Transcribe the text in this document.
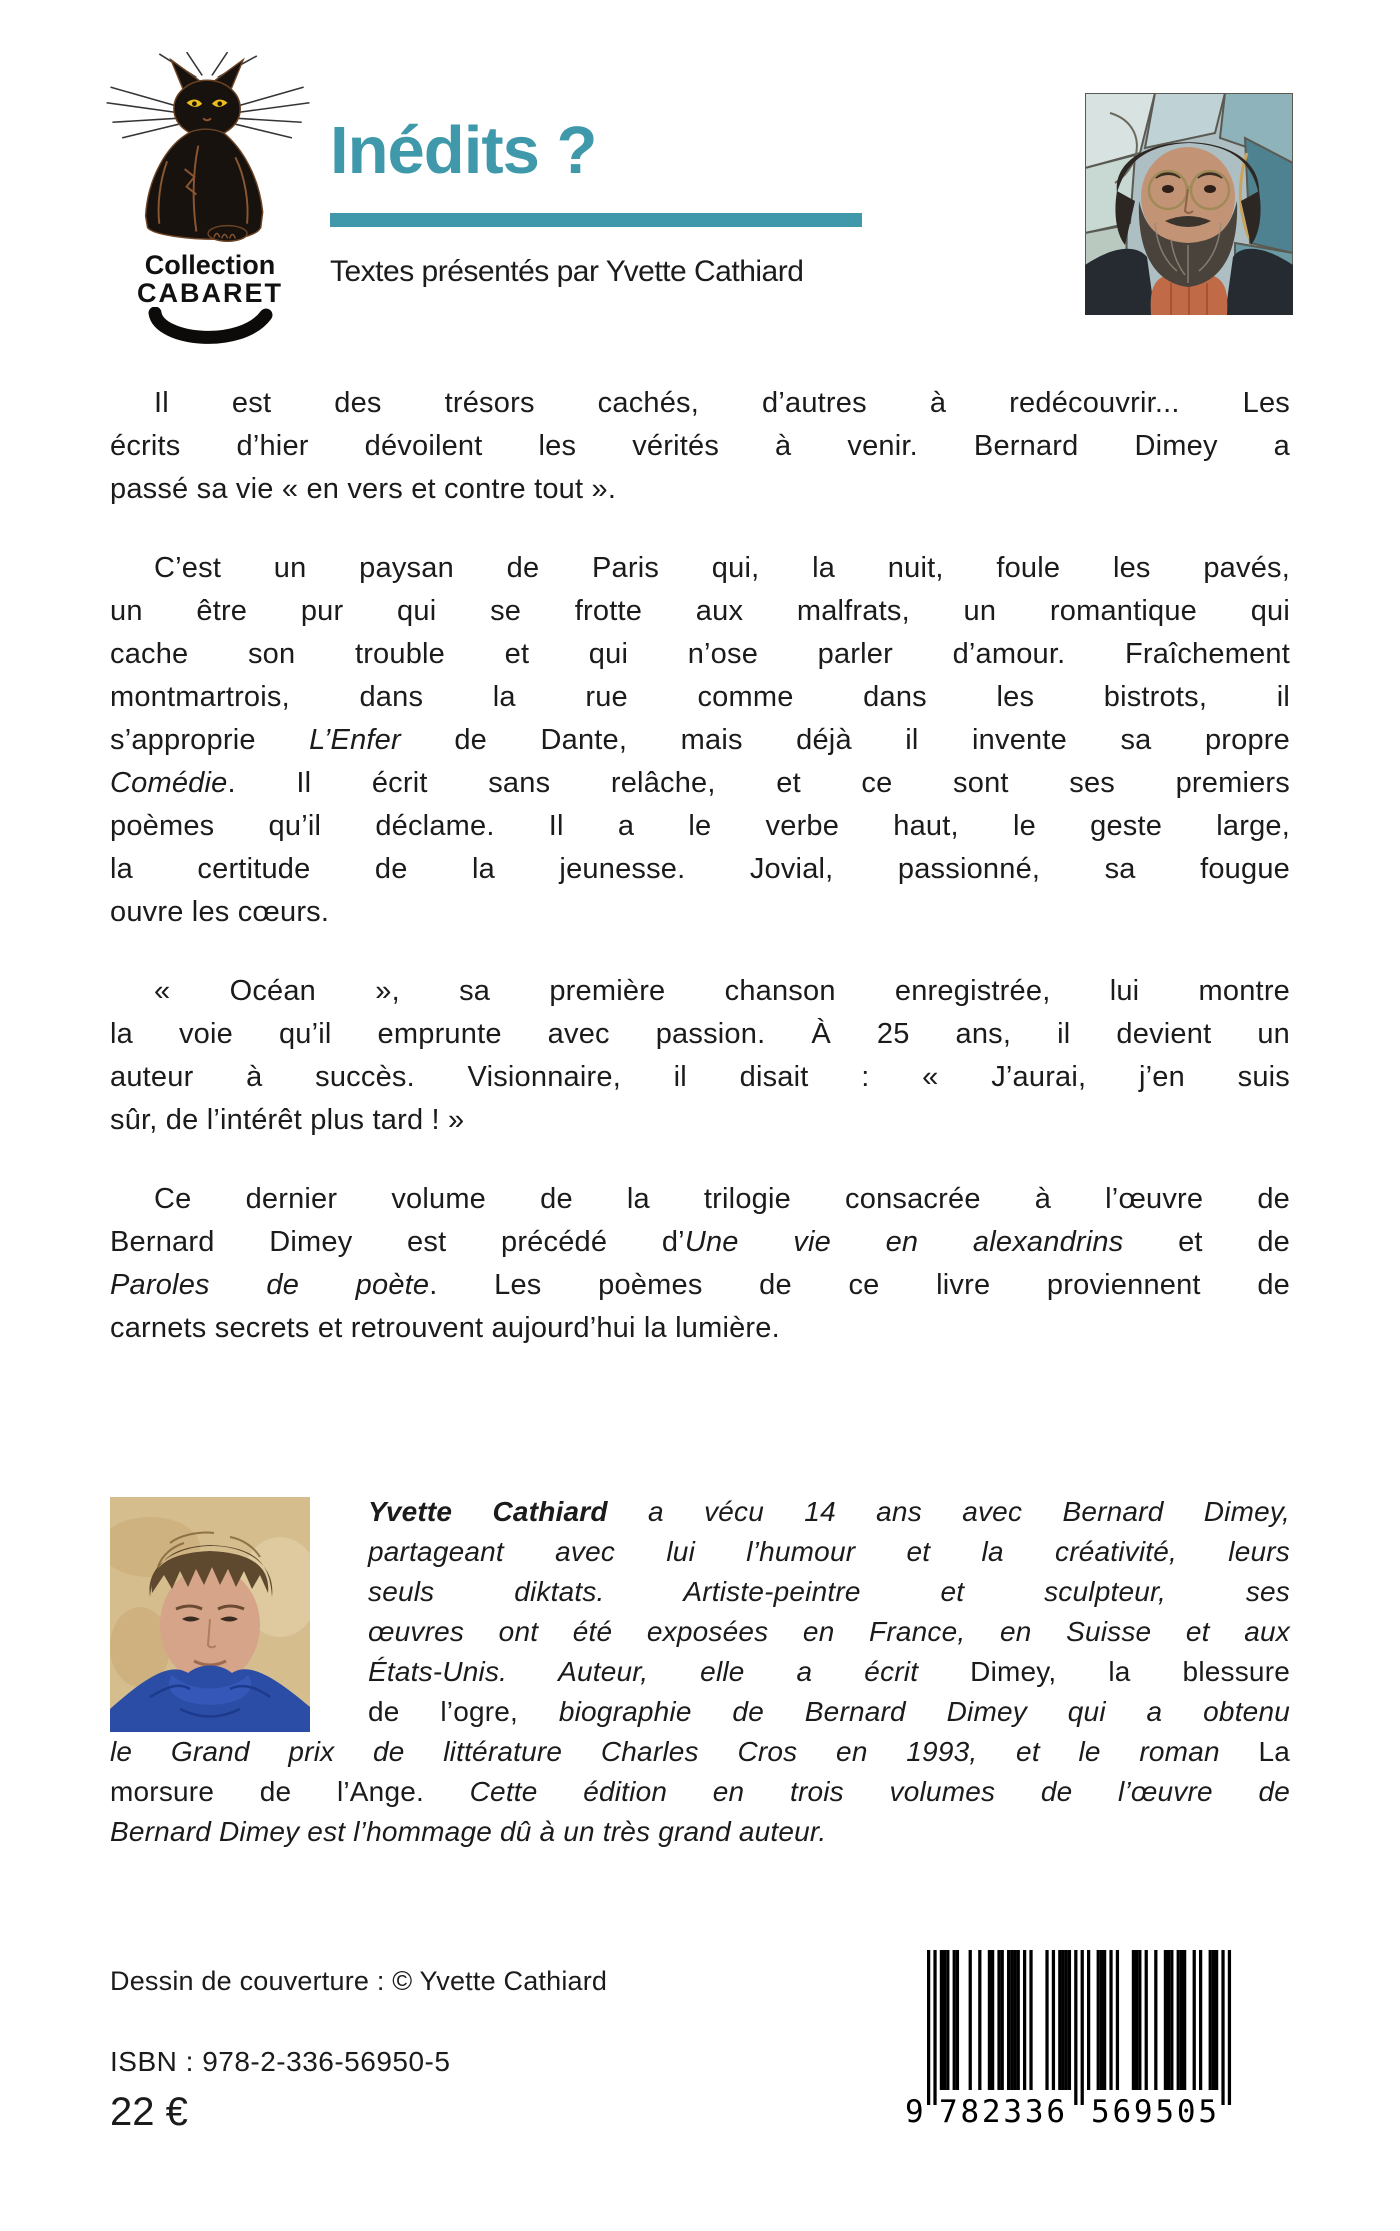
Collection
CABARET
Inédits ?
Textes présentés par Yvette Cathiard
Il est des trésors cachés, d’autres à redécouvrir... Les
écrits d’hier dévoilent les vérités à venir. Bernard Dimey a
passé sa vie « en vers et contre tout ».
C’est un paysan de Paris qui, la nuit, foule les pavés,
un être pur qui se frotte aux malfrats, un romantique qui
cache son trouble et qui n’ose parler d’amour. Fraîchement
montmartrois, dans la rue comme dans les bistrots, il
s’approprie L’Enfer de Dante, mais déjà il invente sa propre
Comédie. Il écrit sans relâche, et ce sont ses premiers
poèmes qu’il déclame. Il a le verbe haut, le geste large,
la certitude de la jeunesse. Jovial, passionné, sa fougue
ouvre les cœurs.
« Océan », sa première chanson enregistrée, lui montre
la voie qu’il emprunte avec passion. À 25 ans, il devient un
auteur à succès. Visionnaire, il disait : « J’aurai, j’en suis
sûr, de l’intérêt plus tard ! »
Ce dernier volume de la trilogie consacrée à l’œuvre de
Bernard Dimey est précédé d’Une vie en alexandrins et de
Paroles de poète. Les poèmes de ce livre proviennent de
carnets secrets et retrouvent aujourd’hui la lumière.
Yvette Cathiard a vécu 14 ans avec Bernard Dimey,
partageant avec lui l’humour et la créativité, leurs
seuls diktats. Artiste-peintre et sculpteur, ses
œuvres ont été exposées en France, en Suisse et aux
États-Unis. Auteur, elle a écrit Dimey, la blessure
de l’ogre, biographie de Bernard Dimey qui a obtenu
le Grand prix de littérature Charles Cros en 1993, et le roman La
morsure de l’Ange. Cette édition en trois volumes de l’œuvre de
Bernard Dimey est l’hommage dû à un très grand auteur.
Dessin de couverture : © Yvette Cathiard
ISBN : 978-2-336-56950-5
22 €	9 782336 569505
